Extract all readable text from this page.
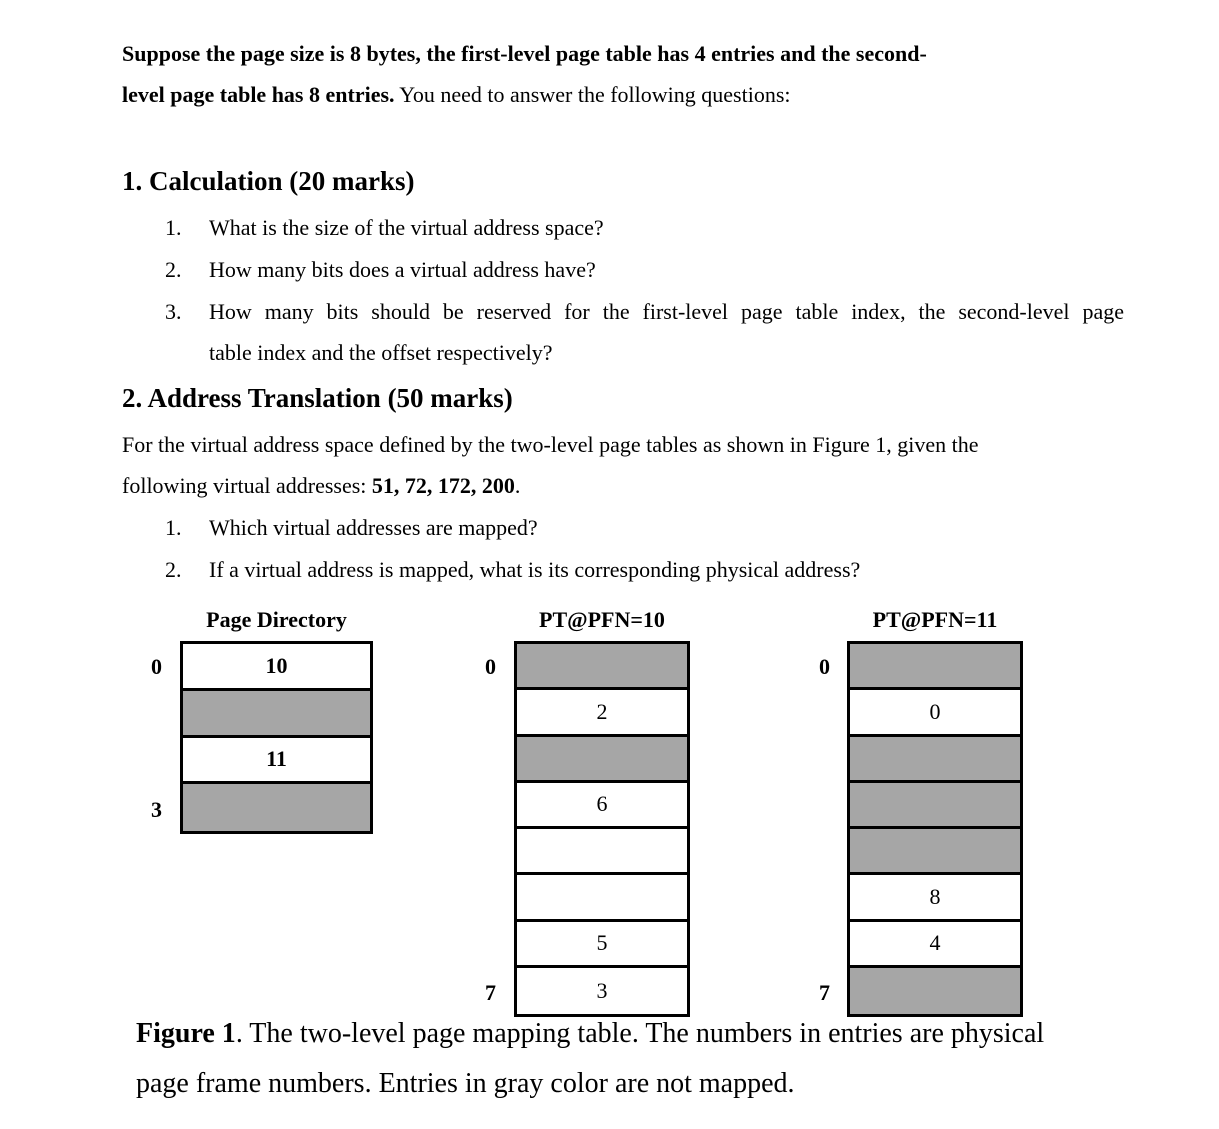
Suppose the page size is 8 bytes, the first-level page table has 4 entries and the second-
level page table has 8 entries. You need to answer the following questions:
1. Calculation (20 marks)
1. What is the size of the virtual address space?
2. How many bits does a virtual address have?
3. How many bits should be reserved for the first-level page table index, the second-level page
table index and the offset respectively?
2. Address Translation (50 marks)
For the virtual address space defined by the two-level page tables as shown in Figure 1, given the
following virtual addresses: 51, 72, 172, 200.
1. Which virtual addresses are mapped?
2. If a virtual address is mapped, what is its corresponding physical address?
Page Directory
0
3
10
11
PT@PFN=10
0
7
2
6
5
3
PT@PFN=11
0
7
0
8
4
Figure 1. The two-level page mapping table. The numbers in entries are physical
page frame numbers. Entries in gray color are not mapped.
